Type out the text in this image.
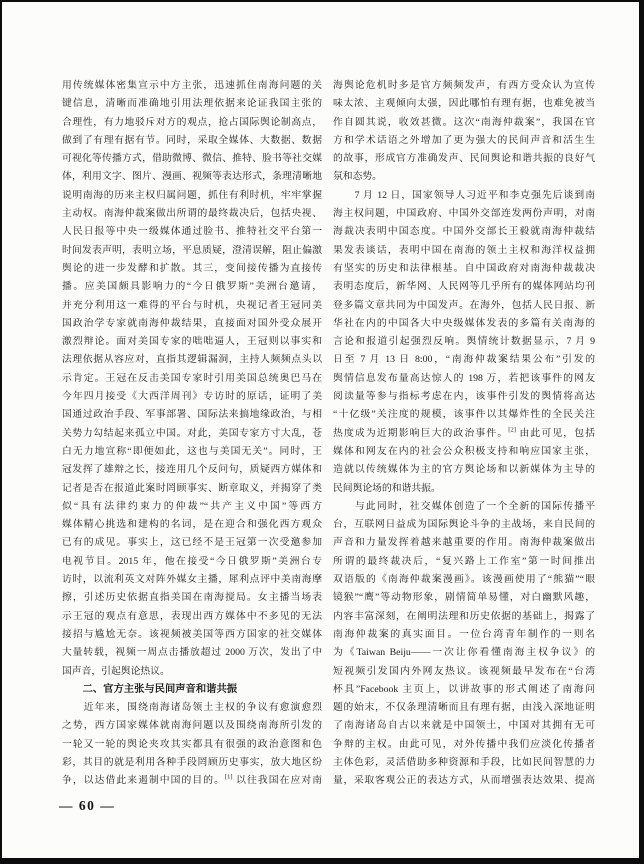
用传统媒体密集宣示中方主张，迅速抓住南海问题的关
键信息，清晰而准确地引用法理依据来论证我国主张的
合理性，有力地驳斥对方的观点，抢占国际舆论制高点，
做到了有理有据有节。同时，采取全媒体、大数据、数据
可视化等传播方式，借助微博、微信、推特、脸书等社交媒
体，利用文字、图片、漫画、视频等表达形式，条理清晰地
说明南海的历来主权归属问题，抓住有利时机，牢牢掌握
主动权。南海仲裁案做出所谓的最终裁决后，包括央视、
人民日报等中央一级媒体通过脸书、推特社交平台第一
时间发表声明，表明立场，平息质疑，澄清误解，阻止偏激
舆论的进一步发酵和扩散。其三，变间接传播为直接传
播。应美国颇具影响力的“今日俄罗斯”美洲台邀请，
并充分利用这一难得的平台与时机，央视记者王冠同美
国政治学专家就南海仲裁结果，直接面对国外受众展开
激烈辩论。面对美国专家的咄咄逼人，王冠则以事实和
法理依据从容应对，直指其逻辑漏洞，主持人频频点头以
示肯定。王冠在反击美国专家时引用美国总统奥巴马在
今年四月接受《大西洋周刊》专访时的原话，证明了美
国通过政治手段、军事部署、国际法来搞地缘政治，与相
关势力勾结起来孤立中国。对此，美国专家方寸大乱，苍
白无力地宣称“即便如此，这也与美国无关”。同时，王
冠发挥了雄辩之长，接连用几个反问句，质疑西方媒体和
记者是否在报道此案时罔顾事实、断章取义，并揭穿了类
似“具有法律约束力的仲裁”“共产主义中国”等西方
媒体精心挑选和建构的名词，是在迎合和强化西方观众
已有的成见。事实上，这已经不是王冠第一次受邀参加
电视节目。2015 年，他在接受“今日俄罗斯”美洲台专
访时，以流利英文对阵外媒女主播，犀利点评中美南海摩
擦，引述历史依据直指美国在南海搅局。女主播当场表
示王冠的观点有意思，表现出西方媒体中不多见的无法
接招与尴尬无奈。该视频被美国等西方国家的社交媒体
大量转载，视频一周点击播放超过 2000 万次，发出了中
国声音，引起舆论热议。
　　二、官方主张与民间声音和谐共振
　　近年来，围绕南海诸岛领土主权的争议有愈演愈烈
之势，西方国家媒体就南海问题以及围绕南海所引发的
一轮又一轮的舆论夹攻其实都具有很强的政治意图和色
彩，其目的就是利用各种手段罔顾历史事实，放大地区纷
争，以达借此来遏制中国的目的。[1] 以往我国在应对南
海舆论危机时多是官方频频发声，有西方受众认为宣传
味太浓、主观倾向太强，因此哪怕有理有据，也难免被当
作自圆其说，收效甚微。这次“南海仲裁案”，我国在官
方和学术话语之外增加了更为强大的民间声音和活生生
的故事，形成官方准确发声、民间舆论和谐共振的良好气
氛和态势。
　　7 月 12 日，国家领导人习近平和李克强先后谈到南
海主权问题，中国政府、中国外交部连发两份声明，对南
海裁决表明中国态度。中国外交部长王毅就南海仲裁结
果发表谈话，表明中国在南海的领土主权和海洋权益拥
有坚实的历史和法律根基。自中国政府对南海仲裁裁决
表明态度后，新华网、人民网等几乎所有的媒体网站均刊
登多篇文章共同为中国发声。在海外，包括人民日报、新
华社在内的中国各大中央级媒体发表的多篇有关南海的
言论和报道引起强烈反响。舆情统计数据显示，7 月 9
日至 7 月 13 日 8:00，“南海仲裁案结果公布”引发的
舆情信息发布量高达惊人的 198 万，若把该事件的网友
阅读量等参与指标考虑在内，该事件引发的舆情将高达
“十亿级”关注度的规模，该事件以其爆炸性的全民关注
热度成为近期影响巨大的政治事件。[2] 由此可见，包括
媒体和网友在内的社会公众积极支持和响应国家主张，
造就以传统媒体为主的官方舆论场和以新媒体为主导的
民间舆论场的和谐共振。
　　与此同时，社交媒体创造了一个全新的国际传播平
台，互联网日益成为国际舆论斗争的主战场，来自民间的
声音和力量发挥着越来越重要的作用。南海仲裁案做出
所谓的最终裁决后，“复兴路上工作室”第一时间推出
双语版的《南海仲裁案漫画》。该漫画使用了“熊猫”“眼
镜猴”“鹰”等动物形象，剧情简单易懂，对白幽默风趣，
内容丰富深刻，在阐明法理和历史依据的基础上，揭露了
南海仲裁案的真实面目。一位台湾青年制作的一则名
为《Taiwan Beiju——一次让你看懂南海主权争议》的
短视频引发国内外网友热议。该视频最早发布在“台湾
杯具”Facebook 主页上，以讲故事的形式阐述了南海问
题的始末，不仅条理清晰而且有理有据，由浅入深地证明
了南海诸岛自古以来就是中国领土，中国对其拥有无可
争辩的主权。由此可见，对外传播中我们应淡化传播者
主体色彩，灵活借助多种资源和手段，比如民间智慧的力
量，采取客观公正的表达方式，从而增强表达效果、提高
— 60 —
